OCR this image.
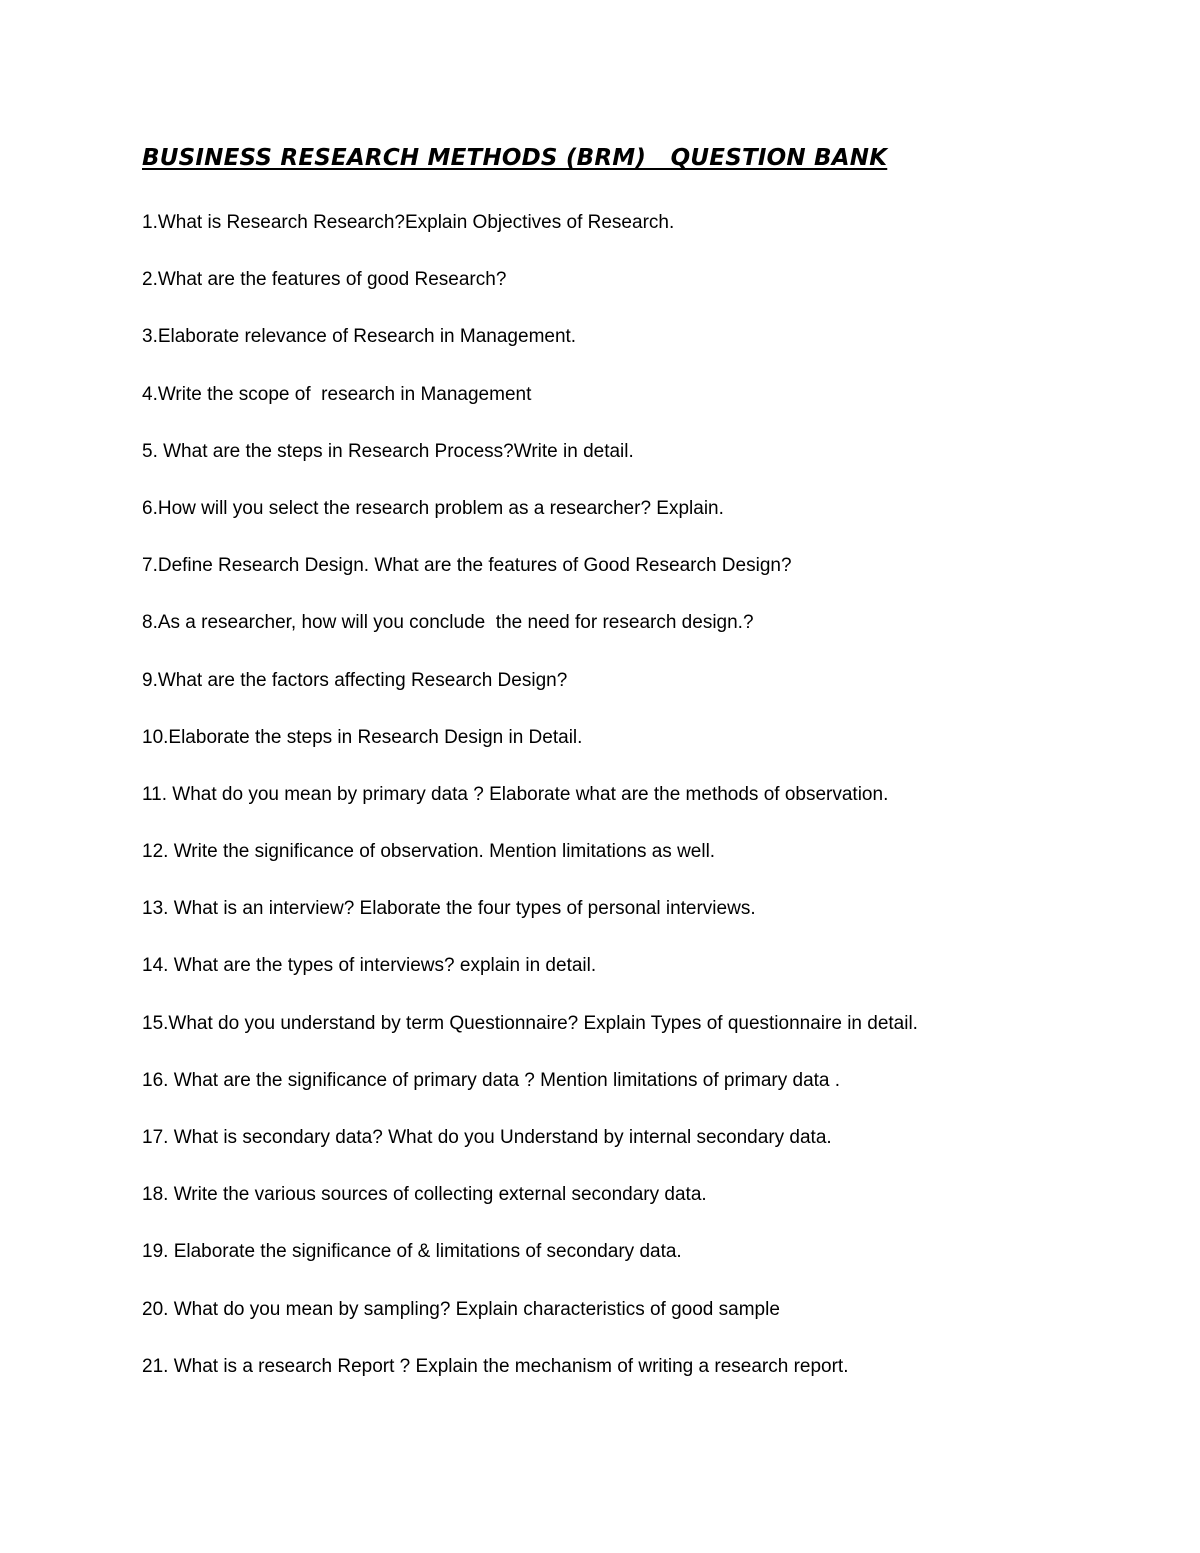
BUSINESS RESEARCH METHODS (BRM)   QUESTION BANK
1.What is Research Research?Explain Objectives of Research.
2.What are the features of good Research?
3.Elaborate relevance of Research in Management.
4.Write the scope of  research in Management
5. What are the steps in Research Process?Write in detail.
6.How will you select the research problem as a researcher? Explain.
7.Define Research Design. What are the features of Good Research Design?
8.As a researcher, how will you conclude  the need for research design.?
9.What are the factors affecting Research Design?
10.Elaborate the steps in Research Design in Detail.
11. What do you mean by primary data ? Elaborate what are the methods of observation.
12. Write the significance of observation. Mention limitations as well.
13. What is an interview? Elaborate the four types of personal interviews.
14. What are the types of interviews? explain in detail.
15.What do you understand by term Questionnaire? Explain Types of questionnaire in detail.
16. What are the significance of primary data ? Mention limitations of primary data .
17. What is secondary data? What do you Understand by internal secondary data.
18. Write the various sources of collecting external secondary data.
19. Elaborate the significance of & limitations of secondary data.
20. What do you mean by sampling? Explain characteristics of good sample
21. What is a research Report ? Explain the mechanism of writing a research report.
